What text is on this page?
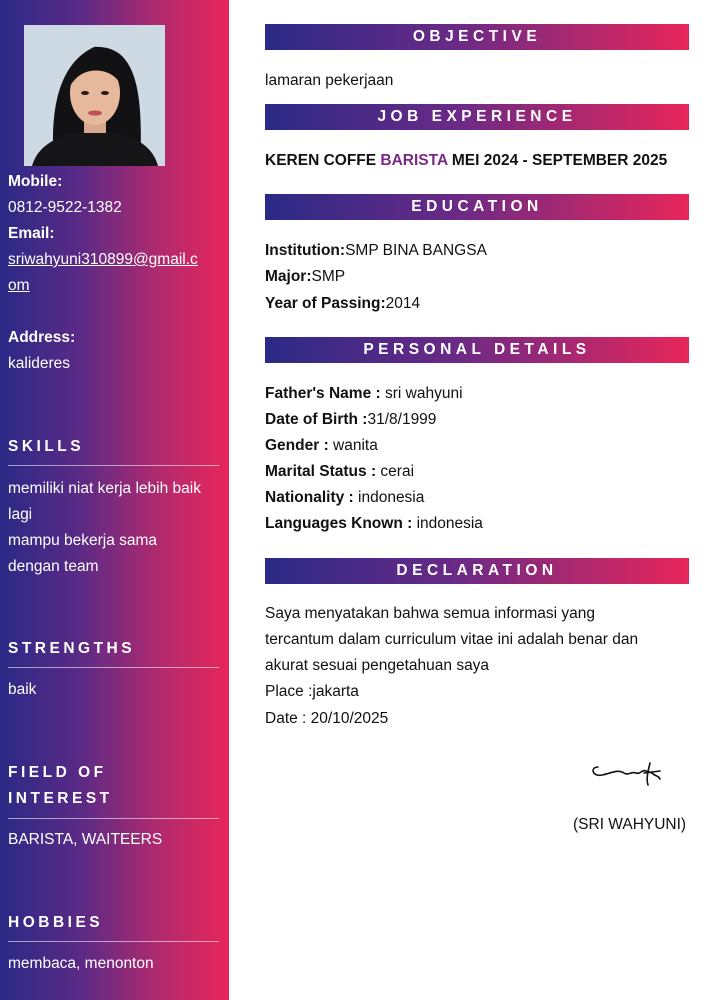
Mobile:
0812-9522-1382
Email:
sriwahyuni310899@gmail.c
om
Address:
kalideres
SKILLS
memiliki niat kerja lebih baik
lagi
mampu bekerja sama
dengan team
STRENGTHS
baik
FIELD OF
INTEREST
BARISTA, WAITEERS
HOBBIES
membaca, menonton
OBJECTIVE
lamaran pekerjaan
JOB EXPERIENCE
KEREN COFFE BARISTA MEI 2024 - SEPTEMBER 2025
EDUCATION
Institution:SMP BINA BANGSA
Major:SMP
Year of Passing:2014
PERSONAL DETAILS
Father's Name : sri wahyuni
Date of Birth :31/8/1999
Gender : wanita
Marital Status : cerai
Nationality : indonesia
Languages Known : indonesia
DECLARATION
Saya menyatakan bahwa semua informasi yang
tercantum dalam curriculum vitae ini adalah benar dan
akurat sesuai pengetahuan saya
Place :jakarta
Date : 20/10/2025
(SRI WAHYUNI)
